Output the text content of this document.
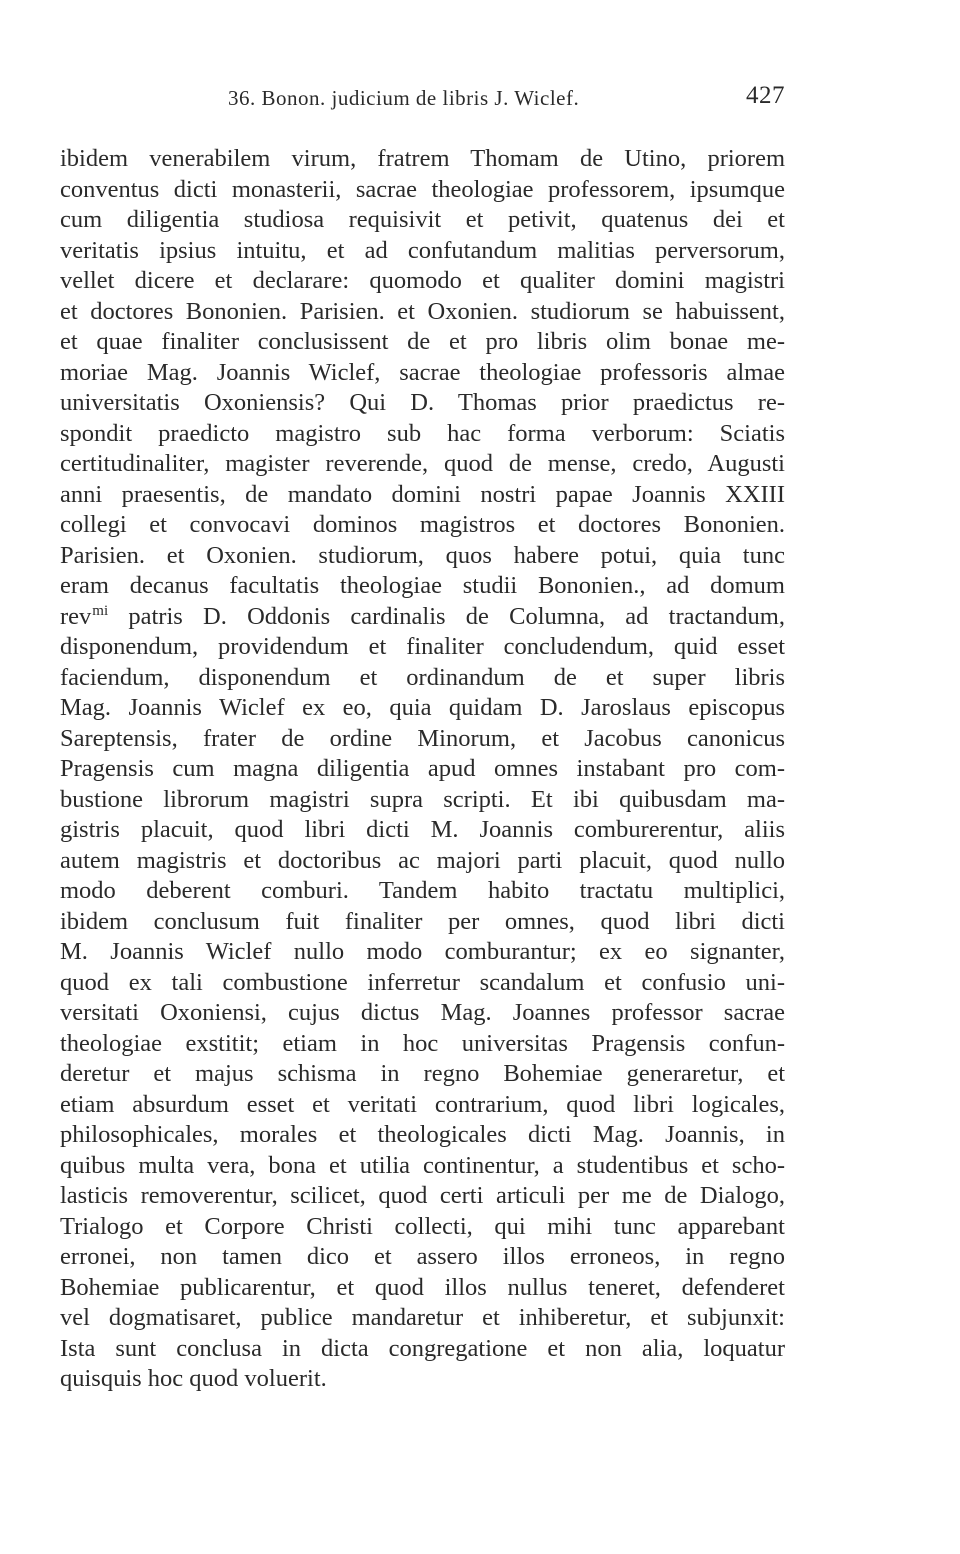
36. Bonon. judicium de libris J. Wiclef.	427
ibidem venerabilem virum, fratrem Thomam de Utino, priorem
conventus dicti monasterii, sacrae theologiae professorem, ipsumque
cum diligentia studiosa requisivit et petivit, quatenus dei et
veritatis ipsius intuitu, et ad confutandum malitias perversorum,
vellet dicere et declarare: quomodo et qualiter domini magistri
et doctores Bononien. Parisien. et Oxonien. studiorum se habuissent,
et quae finaliter conclusissent de et pro libris olim bonae me-
moriae Mag. Joannis Wiclef, sacrae theologiae professoris almae
universitatis Oxoniensis? Qui D. Thomas prior praedictus re-
spondit praedicto magistro sub hac forma verborum: Sciatis
certitudinaliter, magister reverende, quod de mense, credo, Augusti
anni praesentis, de mandato domini nostri papae Joannis XXIII
collegi et convocavi dominos magistros et doctores Bononien.
Parisien. et Oxonien. studiorum, quos habere potui, quia tunc
eram decanus facultatis theologiae studii Bononien., ad domum
rev$^{mi}$ patris D. Oddonis cardinalis de Columna, ad tractandum,
disponendum, providendum et finaliter concludendum, quid esset
faciendum, disponendum et ordinandum de et super libris
Mag. Joannis Wiclef ex eo, quia quidam D. Jaroslaus episcopus
Sareptensis, frater de ordine Minorum, et Jacobus canonicus
Pragensis cum magna diligentia apud omnes instabant pro com-
bustione librorum magistri supra scripti. Et ibi quibusdam ma-
gistris placuit, quod libri dicti M. Joannis comburerentur, aliis
autem magistris et doctoribus ac majori parti placuit, quod nullo
modo deberent comburi. Tandem habito tractatu multiplici,
ibidem conclusum fuit finaliter per omnes, quod libri dicti
M. Joannis Wiclef nullo modo comburantur; ex eo signanter,
quod ex tali combustione inferretur scandalum et confusio uni-
versitati Oxoniensi, cujus dictus Mag. Joannes professor sacrae
theologiae exstitit; etiam in hoc universitas Pragensis confun-
deretur et majus schisma in regno Bohemiae generaretur, et
etiam absurdum esset et veritati contrarium, quod libri logicales,
philosophicales, morales et theologicales dicti Mag. Joannis, in
quibus multa vera, bona et utilia continentur, a studentibus et scho-
lasticis removerentur, scilicet, quod certi articuli per me de Dialogo,
Trialogo et Corpore Christi collecti, qui mihi tunc apparebant
erronei, non tamen dico et assero illos erroneos, in regno
Bohemiae publicarentur, et quod illos nullus teneret, defenderet
vel dogmatisaret, publice mandaretur et inhiberetur, et subjunxit:
Ista sunt conclusa in dicta congregatione et non alia, loquatur
quisquis hoc quod voluerit.
